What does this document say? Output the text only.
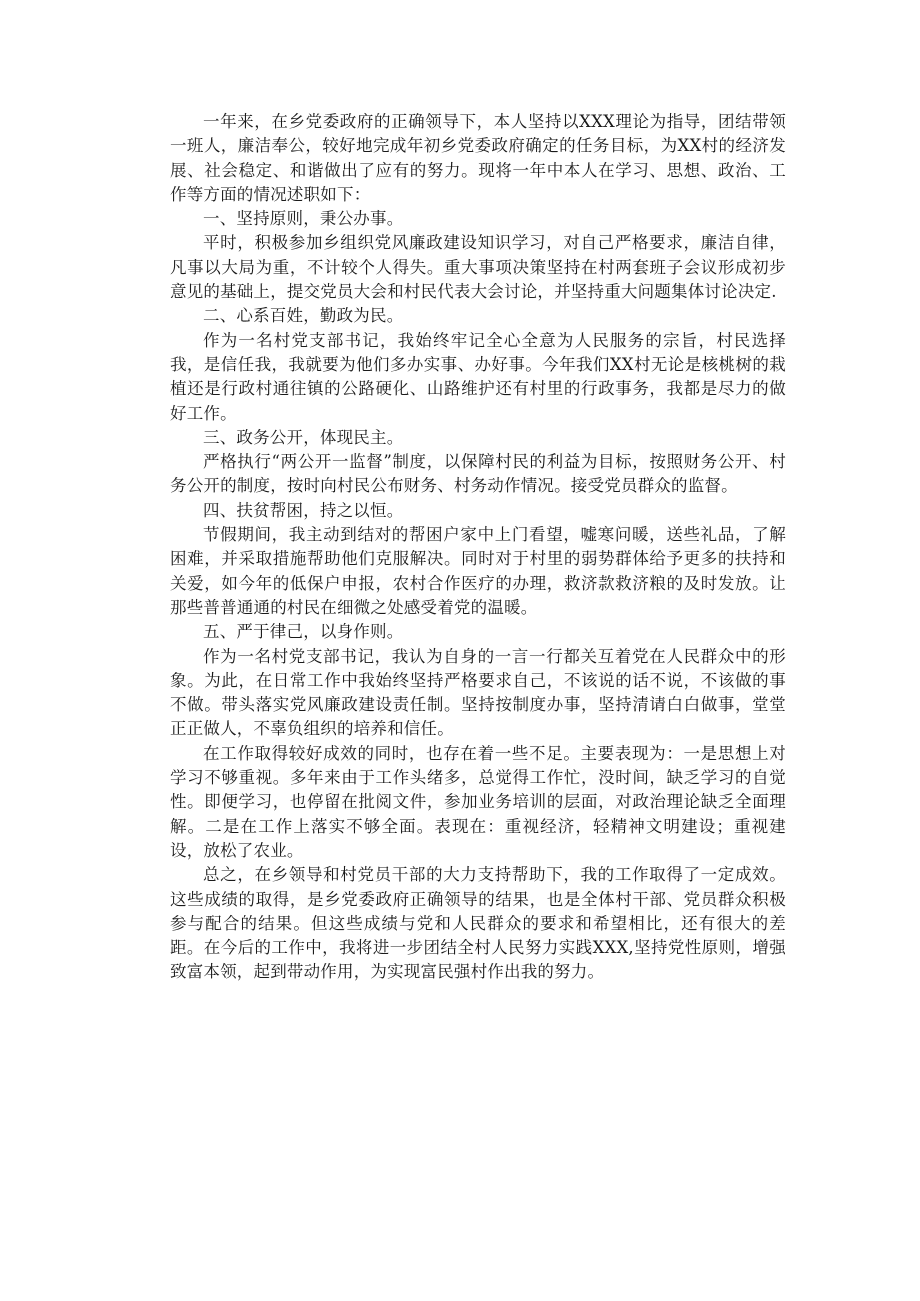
一年来，在乡党委政府的正确领导下，本人坚持以XXX理论为指导，团结带领一班人，廉洁奉公，较好地完成年初乡党委政府确定的任务目标，为XX村的经济发展、社会稳定、和谐做出了应有的努力。现将一年中本人在学习、思想、政治、工作等方面的情况述职如下：

一、坚持原则，秉公办事。

平时，积极参加乡组织党风廉政建设知识学习，对自己严格要求，廉洁自律，凡事以大局为重，不计较个人得失。重大事项决策坚持在村两套班子会议形成初步意见的基础上，提交党员大会和村民代表大会讨论，并坚持重大问题集体讨论决定.

二、心系百姓，勤政为民。

作为一名村党支部书记，我始终牢记全心全意为人民服务的宗旨，村民选择我，是信任我，我就要为他们多办实事、办好事。今年我们XX村无论是核桃树的栽植还是行政村通往镇的公路硬化、山路维护还有村里的行政事务，我都是尽力的做好工作。

三、政务公开，体现民主。

严格执行“两公开一监督”制度，以保障村民的利益为目标，按照财务公开、村务公开的制度，按时向村民公布财务、村务动作情况。接受党员群众的监督。

四、扶贫帮困，持之以恒。

节假期间，我主动到结对的帮困户家中上门看望，嘘寒问暖，送些礼品，了解困难，并采取措施帮助他们克服解决。同时对于村里的弱势群体给予更多的扶持和关爱，如今年的低保户申报，农村合作医疗的办理，救济款救济粮的及时发放。让那些普普通通的村民在细微之处感受着党的温暖。

五、严于律己，以身作则。

作为一名村党支部书记，我认为自身的一言一行都关互着党在人民群众中的形象。为此，在日常工作中我始终坚持严格要求自己，不该说的话不说，不该做的事不做。带头落实党风廉政建设责任制。坚持按制度办事，坚持清请白白做事，堂堂正正做人，不辜负组织的培养和信任。

在工作取得较好成效的同时，也存在着一些不足。主要表现为：一是思想上对学习不够重视。多年来由于工作头绪多，总觉得工作忙，没时间，缺乏学习的自觉性。即便学习，也停留在批阅文件，参加业务培训的层面，对政治理论缺乏全面理解。二是在工作上落实不够全面。表现在：重视经济，轻精神文明建设；重视建设，放松了农业。

总之，在乡领导和村党员干部的大力支持帮助下，我的工作取得了一定成效。这些成绩的取得，是乡党委政府正确领导的结果，也是全体村干部、党员群众积极参与配合的结果。但这些成绩与党和人民群众的要求和希望相比，还有很大的差距。在今后的工作中，我将进一步团结全村人民努力实践XXX,坚持党性原则，增强致富本领，起到带动作用，为实现富民强村作出我的努力。
